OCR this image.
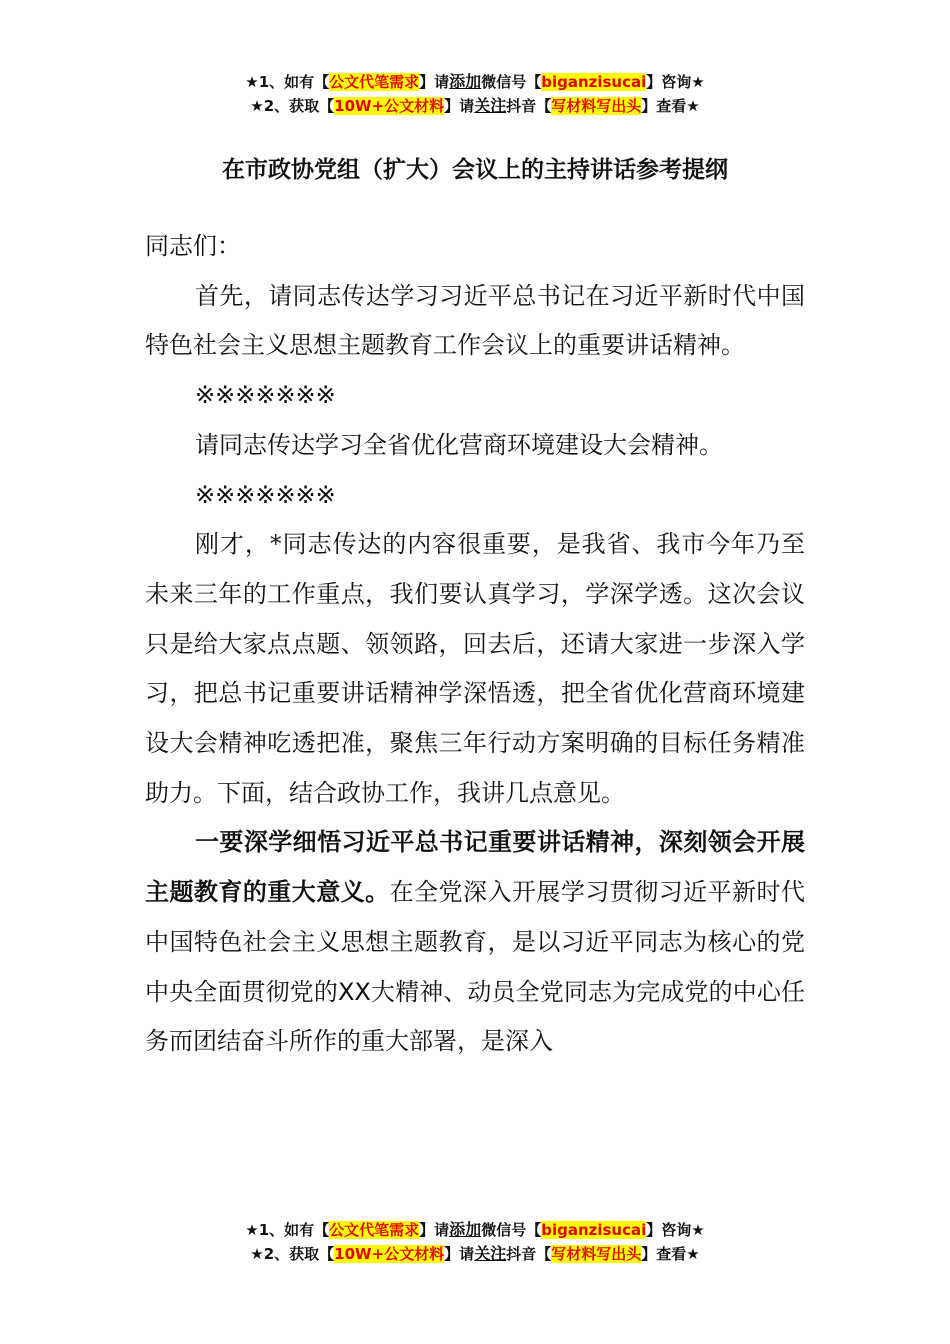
★1、如有【公文代笔需求】请添加微信号【biganzisucai】咨询★
★2、获取【10W+公文材料】请关注抖音【写材料写出头】查看★
在市政协党组（扩大）会议上的主持讲话参考提纲

同志们：

首先，请同志传达学习习近平总书记在习近平新时代中国特色社会主义思想主题教育工作会议上的重要讲话精神。

※※※※※※※

请同志传达学习全省优化营商环境建设大会精神。

※※※※※※※

刚才，*同志传达的内容很重要，是我省、我市今年乃至未来三年的工作重点，我们要认真学习，学深学透。这次会议只是给大家点点题、领领路，回去后，还请大家进一步深入学习，把总书记重要讲话精神学深悟透，把全省优化营商环境建设大会精神吃透把准，聚焦三年行动方案明确的目标任务精准助力。下面，结合政协工作，我讲几点意见。

一要深学细悟习近平总书记重要讲话精神，深刻领会开展主题教育的重大意义。在全党深入开展学习贯彻习近平新时代中国特色社会主义思想主题教育，是以习近平同志为核心的党中央全面贯彻党的XX大精神、动员全党同志为完成党的中心任务而团结奋斗所作的重大部署，是深入

★1、如有【公文代笔需求】请添加微信号【biganzisucai】咨询★
★2、获取【10W+公文材料】请关注抖音【写材料写出头】查看★
